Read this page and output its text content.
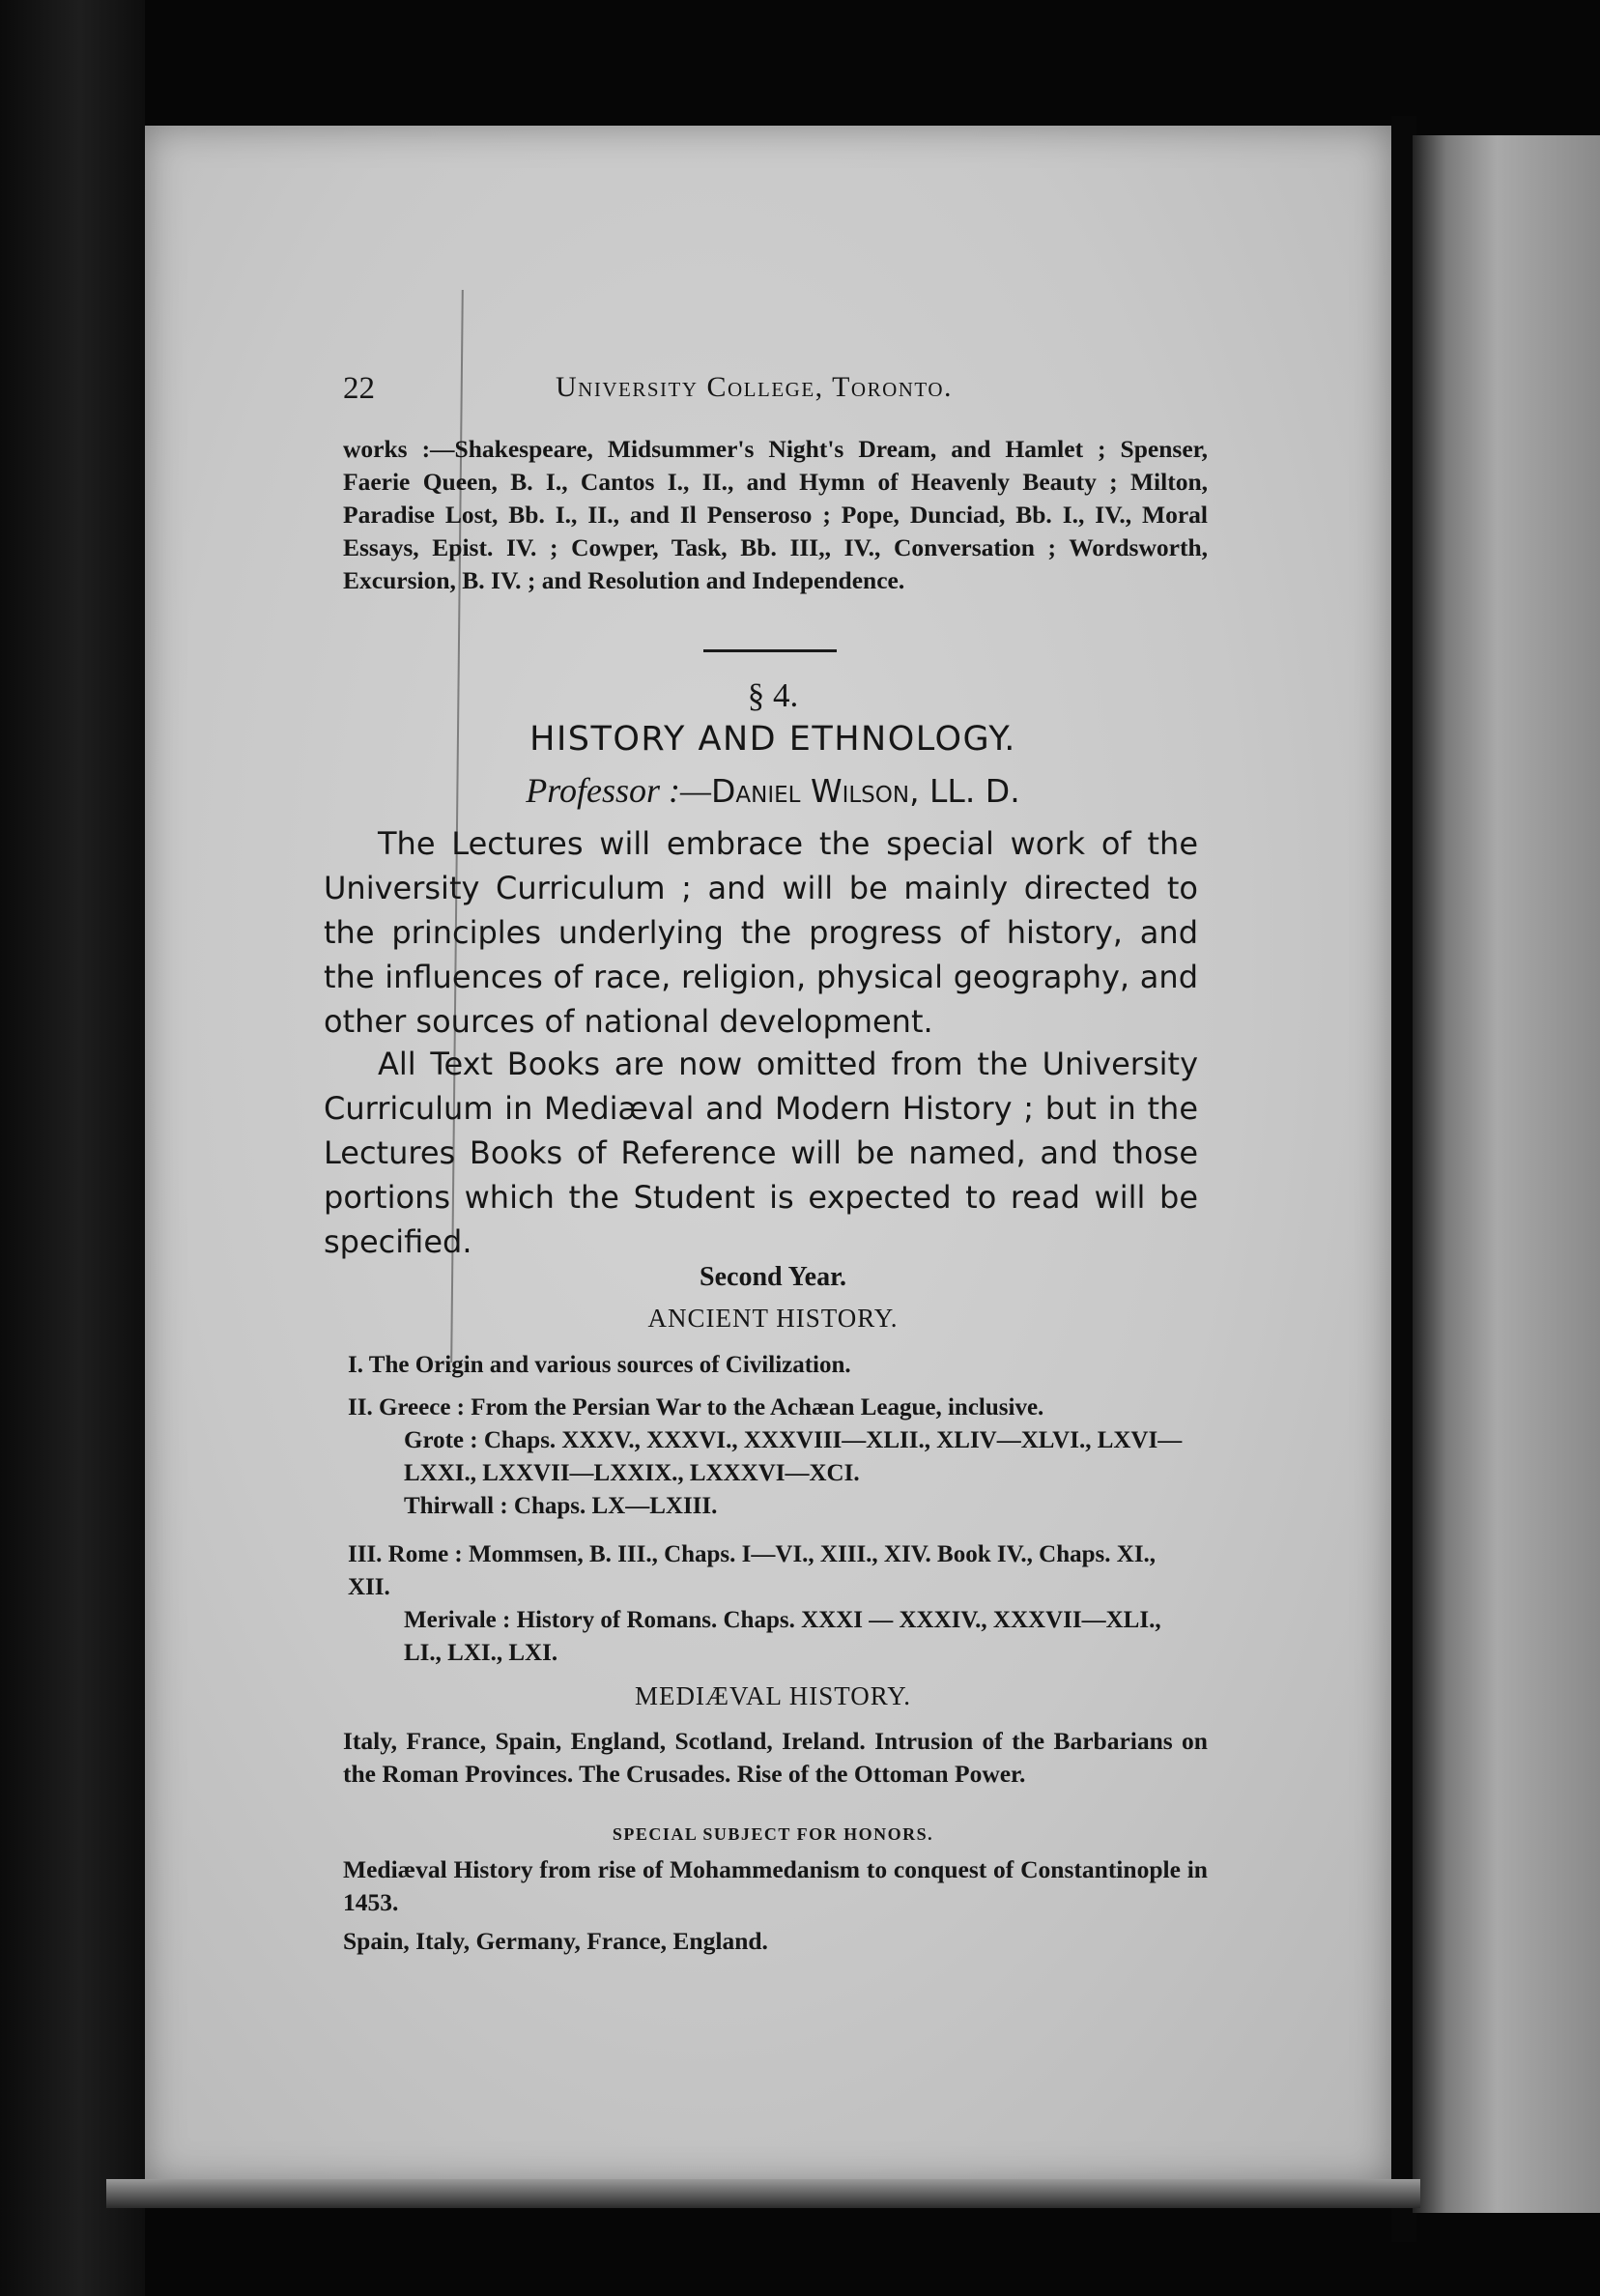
22	University College, Toronto.
works :—Shakespeare, Midsummer's Night's Dream, and Hamlet ; Spenser, Faerie Queen, B. I., Cantos I., II., and Hymn of Heavenly Beauty ; Milton, Paradise Lost, Bb. I., II., and Il Penseroso ; Pope, Dunciad, Bb. I., IV., Moral Essays, Epist. IV. ; Cowper, Task, Bb. III,, IV., Conversation ; Wordsworth, Excursion, B. IV. ; and Resolution and Independence.
§ 4.
HISTORY AND ETHNOLOGY.
Professor :—Daniel Wilson, LL. D.
The Lectures will embrace the special work of the University Curriculum ; and will be mainly directed to the principles underlying the progress of history, and the influences of race, religion, physical geography, and other sources of national development.
All Text Books are now omitted from the University Curriculum in Mediæval and Modern History ; but in the Lectures Books of Reference will be named, and those portions which the Student is expected to read will be specified.
Second Year.
ANCIENT HISTORY.
I. The Origin and various sources of Civilization.
II. Greece : From the Persian War to the Achæan League, inclusive.
Grote : Chaps. XXXV., XXXVI., XXXVIII—XLII., XLIV—XLVI., LXVI—LXXI., LXXVII—LXXIX., LXXXVI—XCI.
Thirwall : Chaps. LX—LXIII.
III. Rome : Mommsen, B. III., Chaps. I—VI., XIII., XIV. Book IV., Chaps. XI., XII.
Merivale : History of Romans. Chaps. XXXI — XXXIV., XXXVII—XLI., LI., LXI., LXI.
MEDIÆVAL HISTORY.
Italy, France, Spain, England, Scotland, Ireland. Intrusion of the Barbarians on the Roman Provinces. The Crusades. Rise of the Ottoman Power.
SPECIAL SUBJECT FOR HONORS.
Mediæval History from rise of Mohammedanism to conquest of Constantinople in 1453.
Spain, Italy, Germany, France, England.
